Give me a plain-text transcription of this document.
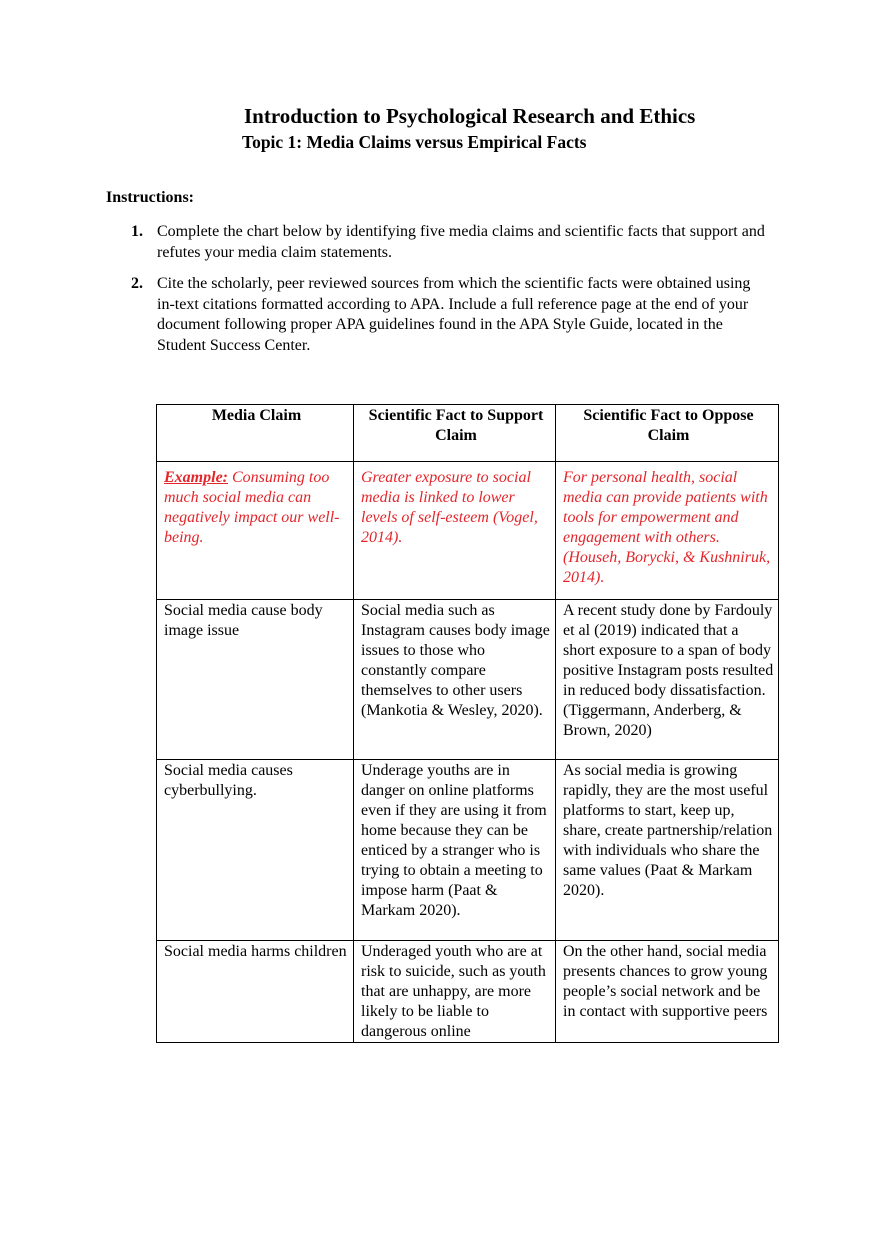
Introduction to Psychological Research and Ethics
Topic 1: Media Claims versus Empirical Facts

Instructions:

1. Complete the chart below by identifying five media claims and scientific facts that support and refutes your media claim statements.
2. Cite the scholarly, peer reviewed sources from which the scientific facts were obtained using in-text citations formatted according to APA. Include a full reference page at the end of your document following proper APA guidelines found in the APA Style Guide, located in the Student Success Center.
Media Claim	Scientific Fact to Support Claim	Scientific Fact to Oppose Claim
Example: Consuming too much social media can negatively impact our well-being.	Greater exposure to social media is linked to lower levels of self-esteem (Vogel, 2014).	For personal health, social media can provide patients with tools for empowerment and engagement with others. (Househ, Borycki, & Kushniruk, 2014).
Social media cause body image issue	Social media such as Instagram causes body image issues to those who constantly compare themselves to other users (Mankotia & Wesley, 2020).	A recent study done by Fardouly et al (2019) indicated that a short exposure to a span of body positive Instagram posts resulted in reduced body dissatisfaction. (Tiggermann, Anderberg, & Brown, 2020)
Social media causes cyberbullying.	Underage youths are in danger on online platforms even if they are using it from home because they can be enticed by a stranger who is trying to obtain a meeting to impose harm (Paat & Markam 2020).	As social media is growing rapidly, they are the most useful platforms to start, keep up, share, create partnership/relation with individuals who share the same values (Paat & Markam 2020).
Social media harms children	Underaged youth who are at risk to suicide, such as youth that are unhappy, are more likely to be liable to dangerous online	On the other hand, social media presents chances to grow young people’s social network and be in contact with supportive peers
